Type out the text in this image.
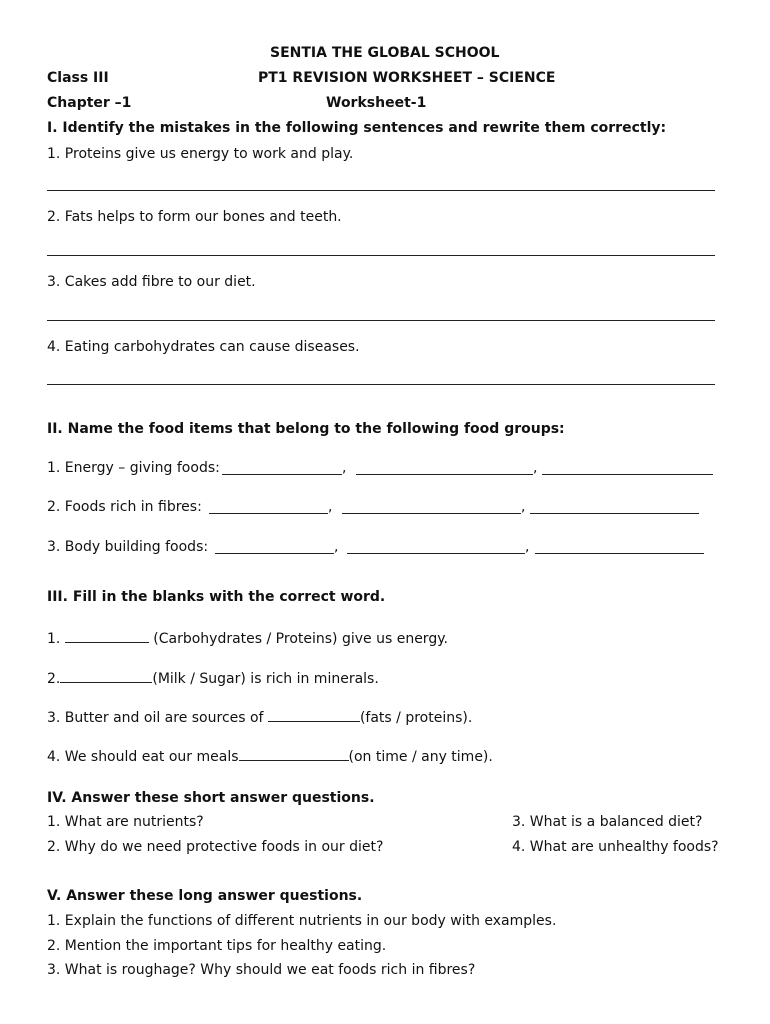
SENTIA THE GLOBAL SCHOOL
Class III	PT1 REVISION WORKSHEET – SCIENCE
Chapter –1	Worksheet-1
I. Identify the mistakes in the following sentences and rewrite them correctly:
1. Proteins give us energy to work and play.
2. Fats helps to form our bones and teeth.
3. Cakes add fibre to our diet.
4. Eating carbohydrates can cause diseases.
II. Name the food items that belong to the following food groups:
1. Energy – giving foods:	,	,
2. Foods rich in fibres:	,	,
3. Body building foods:	,	,
III. Fill in the blanks with the correct word.
1.	(Carbohydrates / Proteins) give us energy.
2.	(Milk / Sugar) is rich in minerals.
3. Butter and oil are sources of	(fats / proteins).
4. We should eat our meals	(on time / any time).
IV. Answer these short answer questions.
1. What are nutrients?	3. What is a balanced diet?
2. Why do we need protective foods in our diet?	4. What are unhealthy foods?
V. Answer these long answer questions.
1. Explain the functions of different nutrients in our body with examples.
2. Mention the important tips for healthy eating.
3. What is roughage? Why should we eat foods rich in fibres?
